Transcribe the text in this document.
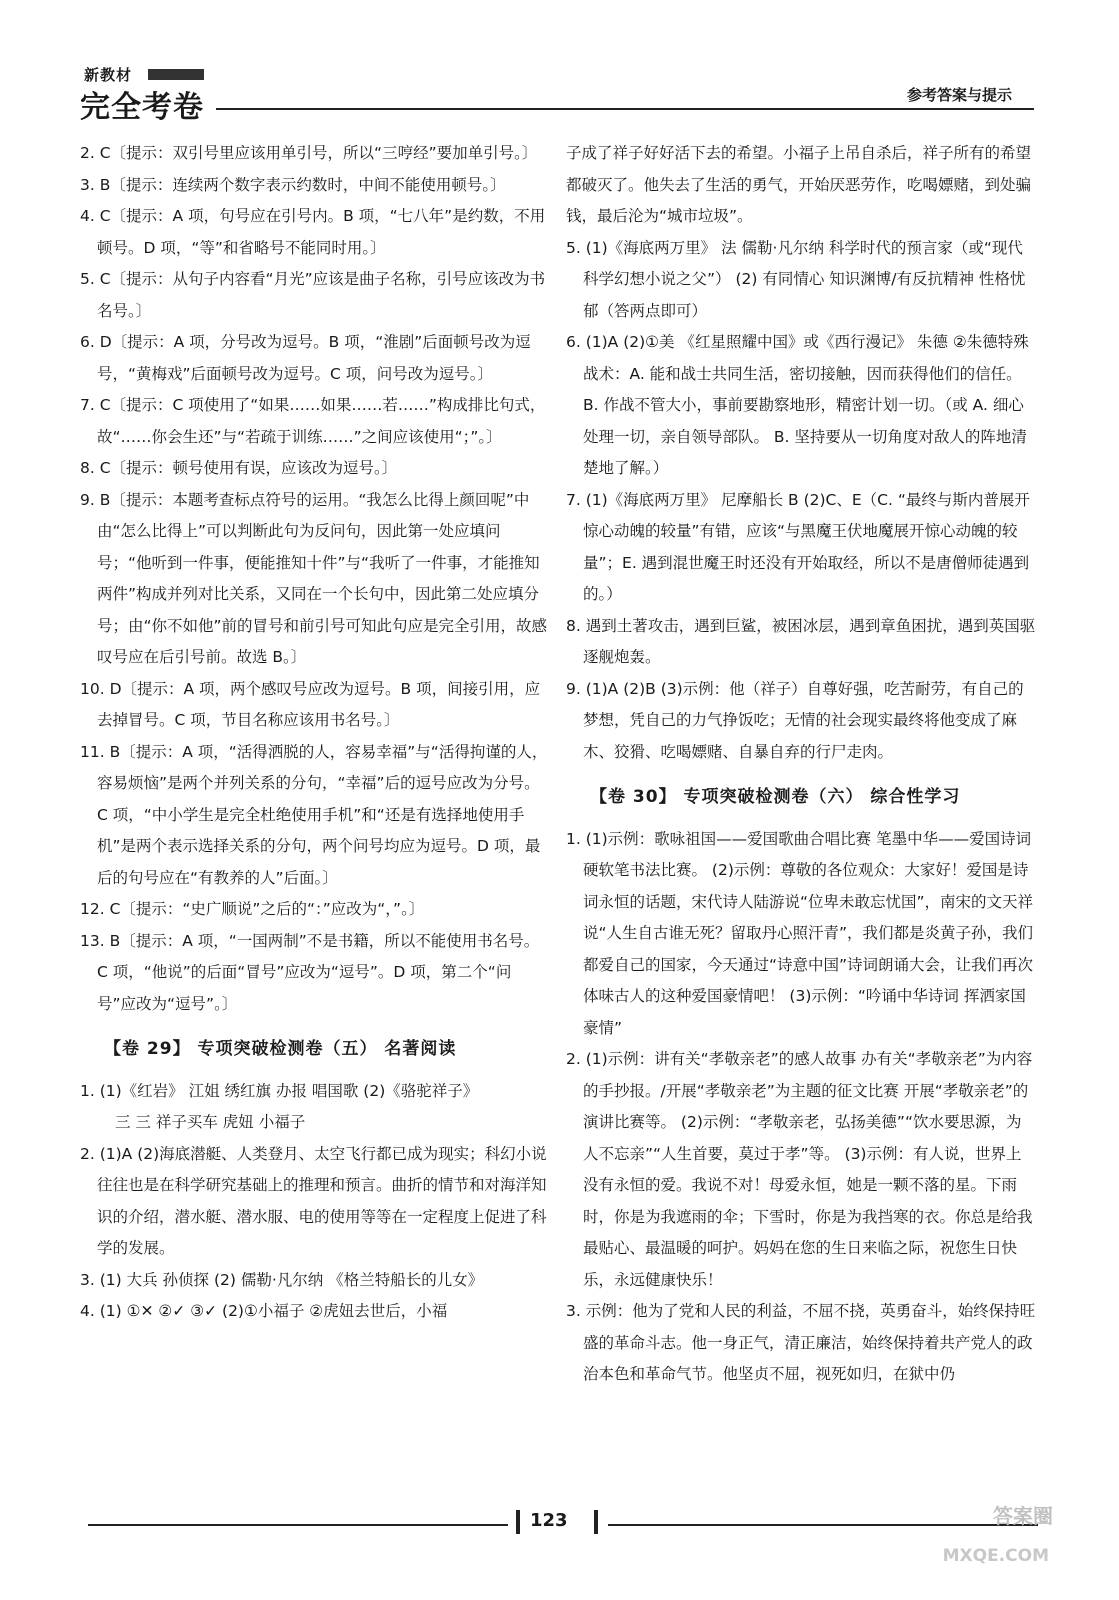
新教材
完全考卷	参考答案与提示

2. C〔提示：双引号里应该用单引号，所以“三哼经”要加单引号。〕

3. B〔提示：连续两个数字表示约数时，中间不能使用顿号。〕

4. C〔提示：A 项，句号应在引号内。B 项，“七八年”是约数，不用顿号。D 项，“等”和省略号不能同时用。〕

5. C〔提示：从句子内容看“月光”应该是曲子名称，引号应该改为书名号。〕

6. D〔提示：A 项，分号改为逗号。B 项，“淮剧”后面顿号改为逗号，“黄梅戏”后面顿号改为逗号。C 项，问号改为逗号。〕

7. C〔提示：C 项使用了“如果……如果……若……”构成排比句式，故“……你会生还”与“若疏于训练……”之间应该使用“；”。〕

8. C〔提示：顿号使用有误，应该改为逗号。〕

9. B〔提示：本题考查标点符号的运用。“我怎么比得上颜回呢”中由“怎么比得上”可以判断此句为反问句，因此第一处应填问号；“他听到一件事，便能推知十件”与“我听了一件事，才能推知两件”构成并列对比关系，又同在一个长句中，因此第二处应填分号；由“你不如他”前的冒号和前引号可知此句应是完全引用，故感叹号应在后引号前。故选 B。〕

10. D〔提示：A 项，两个感叹号应改为逗号。B 项，间接引用，应去掉冒号。C 项，节目名称应该用书名号。〕

11. B〔提示：A 项，“活得洒脱的人，容易幸福”与“活得拘谨的人，容易烦恼”是两个并列关系的分句，“幸福”后的逗号应改为分号。C 项，“中小学生是完全杜绝使用手机”和“还是有选择地使用手机”是两个表示选择关系的分句，两个问号均应为逗号。D 项，最后的句号应在“有教养的人”后面。〕

12. C〔提示：“史广顺说”之后的“：”应改为“，”。〕

13. B〔提示：A 项，“一国两制”不是书籍，所以不能使用书名号。C 项，“他说”的后面“冒号”应改为“逗号”。D 项，第二个“问号”应改为“逗号”。〕

【卷 29】 专项突破检测卷（五） 名著阅读

1. (1)《红岩》 江姐 绣红旗 办报 唱国歌 (2)《骆驼祥子》

三 三 祥子买车 虎妞 小福子

2. (1)A (2)海底潜艇、人类登月、太空飞行都已成为现实；科幻小说往往也是在科学研究基础上的推理和预言。曲折的情节和对海洋知识的介绍，潜水艇、潜水服、电的使用等等在一定程度上促进了科学的发展。

3. (1) 大兵 孙侦探 (2) 儒勒·凡尔纳 《格兰特船长的儿女》

4. (1) ①✕ ②✓ ③✓ (2)①小福子 ②虎妞去世后，小福

子成了祥子好好活下去的希望。小福子上吊自杀后，祥子所有的希望都破灭了。他失去了生活的勇气，开始厌恶劳作，吃喝嫖赌，到处骗钱，最后沦为“城市垃圾”。

5. (1)《海底两万里》 法 儒勒·凡尔纳 科学时代的预言家（或“现代科学幻想小说之父”） (2) 有同情心 知识渊博/有反抗精神 性格忧郁（答两点即可）

6. (1)A (2)①美 《红星照耀中国》或《西行漫记》 朱德 ②朱德特殊战术：A. 能和战士共同生活，密切接触，因而获得他们的信任。 B. 作战不管大小，事前要勘察地形，精密计划一切。（或 A. 细心处理一切，亲自领导部队。 B. 坚持要从一切角度对敌人的阵地清楚地了解。）

7. (1)《海底两万里》 尼摩船长 B (2)C、E（C. “最终与斯内普展开惊心动魄的较量”有错，应该“与黑魔王伏地魔展开惊心动魄的较量”；E. 遇到混世魔王时还没有开始取经，所以不是唐僧师徒遇到的。）

8. 遇到土著攻击，遇到巨鲨，被困冰层，遇到章鱼困扰，遇到英国驱逐舰炮轰。

9. (1)A (2)B (3)示例：他（祥子）自尊好强，吃苦耐劳，有自己的梦想，凭自己的力气挣饭吃；无情的社会现实最终将他变成了麻木、狡猾、吃喝嫖赌、自暴自弃的行尸走肉。

【卷 30】 专项突破检测卷（六） 综合性学习

1. (1)示例：歌咏祖国——爱国歌曲合唱比赛 笔墨中华——爱国诗词硬软笔书法比赛。 (2)示例：尊敬的各位观众：大家好！爱国是诗词永恒的话题，宋代诗人陆游说“位卑未敢忘忧国”，南宋的文天祥说“人生自古谁无死？留取丹心照汗青”，我们都是炎黄子孙，我们都爱自己的国家，今天通过“诗意中国”诗词朗诵大会，让我们再次体味古人的这种爱国豪情吧！ (3)示例：“吟诵中华诗词 挥洒家国豪情”

2. (1)示例：讲有关“孝敬亲老”的感人故事 办有关“孝敬亲老”为内容的手抄报。/开展“孝敬亲老”为主题的征文比赛 开展“孝敬亲老”的演讲比赛等。 (2)示例：“孝敬亲老，弘扬美德”“饮水要思源，为人不忘亲”“人生首要，莫过于孝”等。 (3)示例：有人说，世界上没有永恒的爱。我说不对！母爱永恒，她是一颗不落的星。下雨时，你是为我遮雨的伞；下雪时，你是为我挡寒的衣。你总是给我最贴心、最温暖的呵护。妈妈在您的生日来临之际，祝您生日快乐，永远健康快乐！

3. 示例：他为了党和人民的利益，不屈不挠，英勇奋斗，始终保持旺盛的革命斗志。他一身正气，清正廉洁，始终保持着共产党人的政治本色和革命气节。他坚贞不屈，视死如归，在狱中仍

123	答案圈
MXQE.COM
